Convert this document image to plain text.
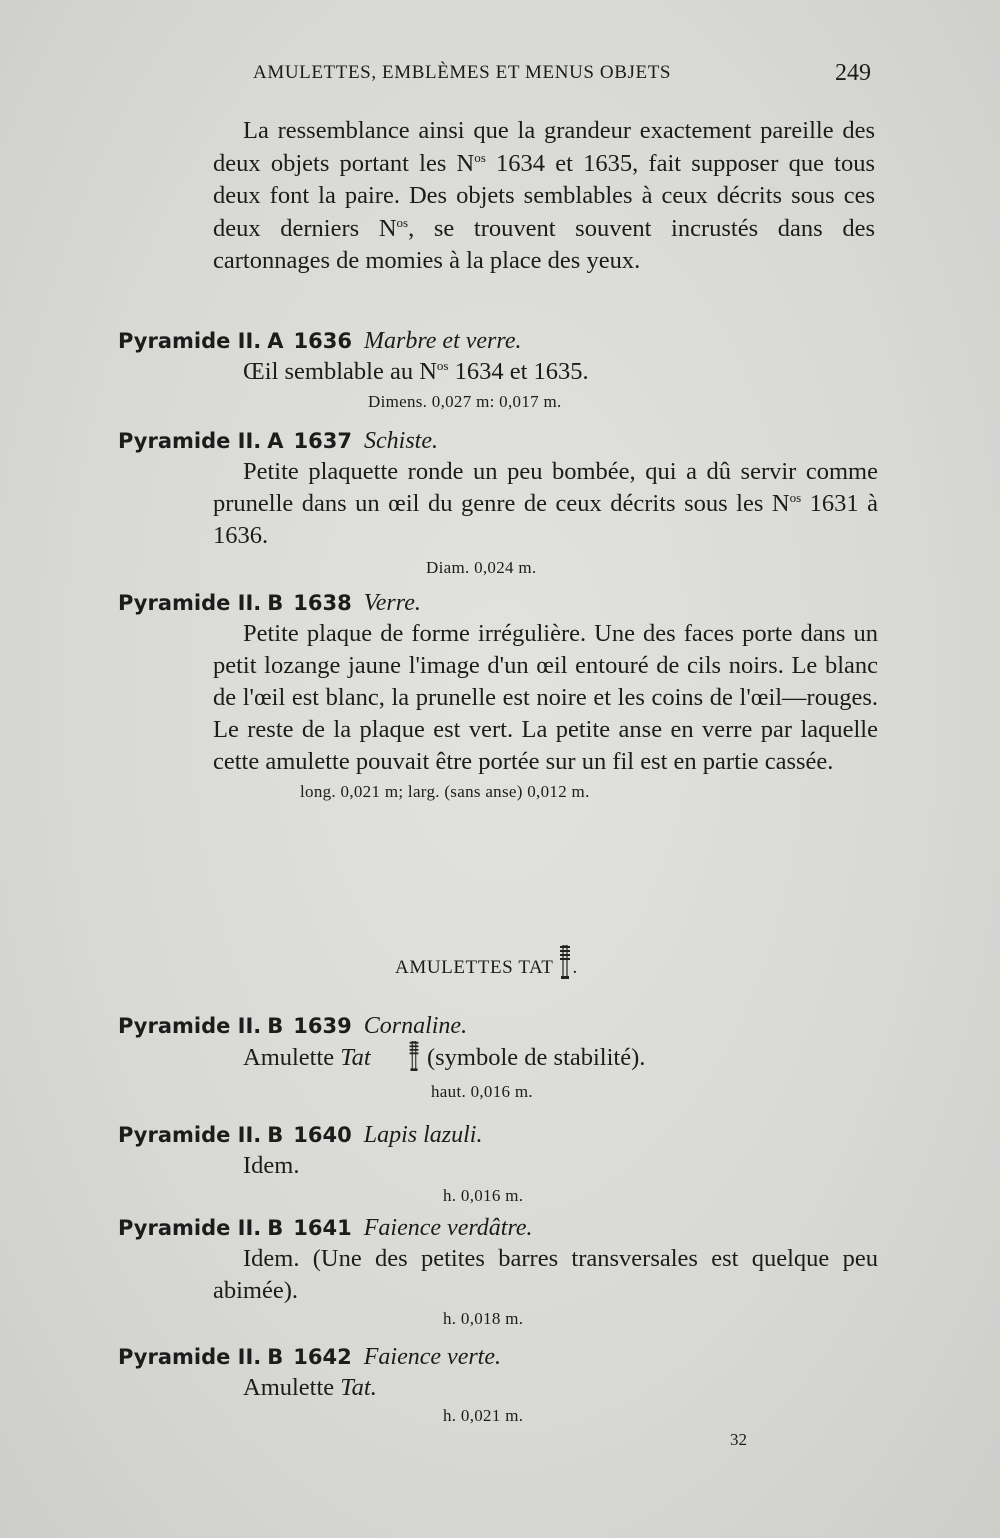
AMULETTES, EMBLÈMES ET MENUS OBJETS	249

La ressemblance ainsi que la grandeur exactement pareille des deux objets portant les $N^{os}$ 1634 et 1635, fait supposer que tous deux font la paire. Des objets semblables à ceux décrits sous ces deux derniers $N^{os}$, se trouvent souvent incrustés dans des cartonnages de momies à la place des yeux.

Pyramide II. A 1636 Marbre et verre.
Œil semblable au $N^{os}$ 1634 et 1635.
Dimens. 0,027 m: 0,017 m.
Pyramide II. A 1637 Schiste.
Petite plaquette ronde un peu bombée, qui a dû servir comme prunelle dans un œil du genre de ceux décrits sous les $N^{os}$ 1631 à 1636.
Diam. 0,024 m.
Pyramide II. B 1638 Verre.
Petite plaque de forme irrégulière. Une des faces porte dans un petit lozange jaune l'image d'un œil entouré de cils noirs. Le blanc de l'œil est blanc, la prunelle est noire et les coins de l'œil—rouges. Le reste de la plaque est vert. La petite anse en verre par laquelle cette amulette pouvait être portée sur un fil est en partie cassée.
long. 0,021 m; larg. (sans anse) 0,012 m.
AMULETTES TAT .
Pyramide II. B 1639 Cornaline.
Amulette Tat (symbole de stabilité).
haut. 0,016 m.
Pyramide II. B 1640 Lapis lazuli.
Idem.
h. 0,016 m.
Pyramide II. B 1641 Faience verdâtre.
Idem. (Une des petites barres transversales est quelque peu abimée).
h. 0,018 m.
Pyramide II. B 1642 Faience verte.
Amulette Tat.
h. 0,021 m.
32
